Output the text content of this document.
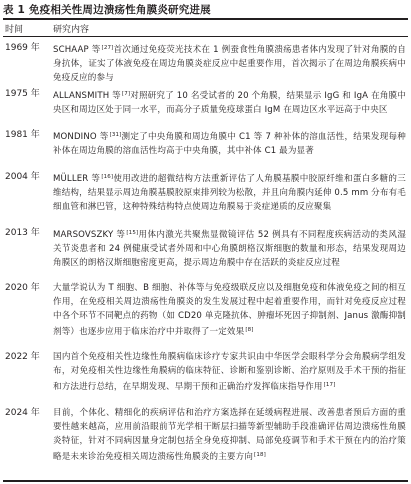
表 1 免疫相关性周边溃疡性角膜炎研究进展
时间	研究内容
1969 年 SCHAAP 等[27]首次通过免疫荧光技术在 1 例蚕食性角膜溃疡患者体内发现了针对角膜的自身抗体，证实了体液免疫在周边角膜炎症反应中起重要作用，首次揭示了在周边角膜疾病中免疫反应的参与
1975 年 ALLANSMITH 等[7]对照研究了 10 名受试者的 20 个角膜，结果显示 IgG 和 IgA 在角膜中央区和周边区处于同一水平，而高分子质量免疫球蛋白 IgM 在周边区水平远高于中央区
1981 年 MONDINO 等[31]测定了中央角膜和周边角膜中 C1 等 7 种补体的溶血活性，结果发现每种补体在周边角膜的溶血活性均高于中央角膜，其中补体 C1 最为显著
2004 年 MÜLLER 等[16]使用改进的超微结构方法重新评估了人角膜基膜中胶原纤维和蛋白多糖的三维结构，结果显示周边角膜基膜胶原束排列较为松散，并且向角膜内延伸 0.5 mm 分布有毛细血管和淋巴管，这种特殊结构特点使周边角膜易于炎症递质的反应聚集
2013 年 MARSOVSZKY 等[15]用体内激光共聚焦显微镜评估 52 例具有不同程度疾病活动的类风湿关节炎患者和 24 例健康受试者外周和中心角膜朗格汉斯细胞的数量和形态，结果发现周边角膜区的朗格汉斯细胞密度更高，提示周边角膜中存在活跃的炎症反应过程
2020 年 大量学说认为 T 细胞、B 细胞、补体等与免疫级联反应以及细胞免疫和体液免疫之间的相互作用，在免疫相关周边溃疡性角膜炎的发生发展过程中起着重要作用，而针对免疫反应过程中各个环节不同靶点的药物（如 CD20 单克隆抗体、肿瘤坏死因子抑制剂、Janus 激酶抑制剂等）也逐步应用于临床治疗中并取得了一定效果[8]
2022 年 国内首个免疫相关性边缘性角膜病临床诊疗专家共识由中华医学会眼科学分会角膜病学组发布，对免疫相关性边缘性角膜病的临床特征、诊断和鉴别诊断、治疗原则及手术干预的指征和方法进行总结，在早期发现、早期干预和正确治疗发挥临床指导作用[17]
2024 年 目前，个体化、精细化的疾病评估和治疗方案选择在延缓病程进展、改善患者预后方面的重要性越来越高，应用前沿眼前节光学相干断层扫描等新型辅助手段准确评估周边溃疡性角膜炎特征，针对不同病因量身定制包括全身免疫抑制、局部免疫调节和手术干预在内的治疗策略是未来诊治免疫相关周边溃疡性角膜炎的主要方向[18]
